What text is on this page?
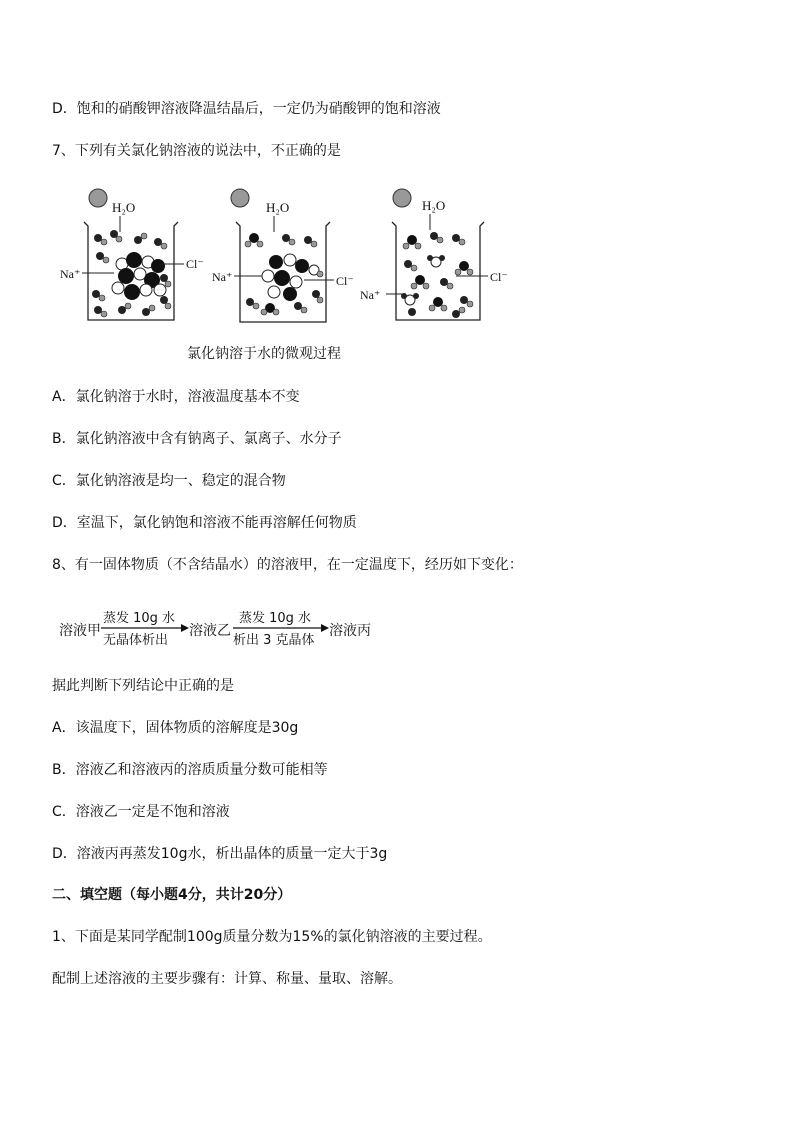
D．饱和的硝酸钾溶液降温结晶后，一定仍为硝酸钾的饱和溶液
7、下列有关氯化钠溶液的说法中，不正确的是
H₂O
Na⁺
Cl⁻
H₂O
Na⁺	Cl⁻
H₂O
Na⁺
Cl⁻
氯化钠溶于水的微观过程
A．氯化钠溶于水时，溶液温度基本不变
B．氯化钠溶液中含有钠离子、氯离子、水分子
C．氯化钠溶液是均一、稳定的混合物
D．室温下，氯化钠饱和溶液不能再溶解任何物质
8、有一固体物质（不含结晶水）的溶液甲，在一定温度下，经历如下变化：
溶液甲
蒸发 10g 水
无晶体析出
溶液乙
蒸发 10g 水
析出 3 克晶体
溶液丙
据此判断下列结论中正确的是
A．该温度下，固体物质的溶解度是30g
B．溶液乙和溶液丙的溶质质量分数可能相等
C．溶液乙一定是不饱和溶液
D．溶液丙再蒸发10g水，析出晶体的质量一定大于3g
二、填空题（每小题4分，共计20分）
1、下面是某同学配制100g质量分数为15%的氯化钠溶液的主要过程。
配制上述溶液的主要步骤有：计算、称量、量取、溶解。
